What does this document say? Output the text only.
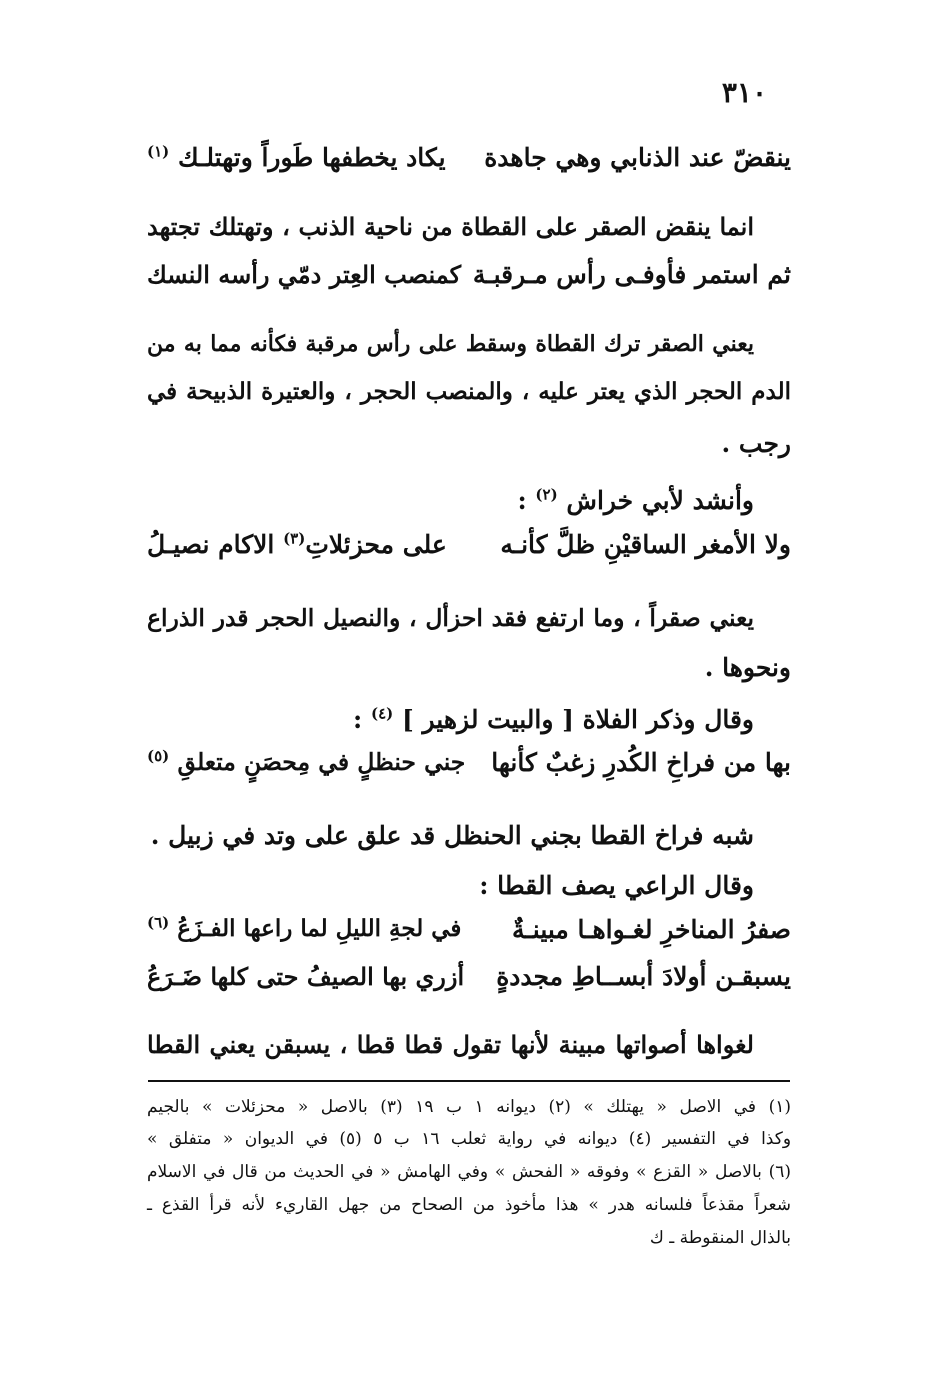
٣١٠
ينقضّ عند الذنابي وهي جاهدة
يكاد يخطفها طَوراً وتهتلـك $^{(١)}$
انما ينقض الصقر على القطاة من ناحية الذنب ، وتهتلك تجتهد
ثم استمر فأوفـى رأس مـرقبـة
كمنصب العِتر دمّي رأسه النسك
يعني الصقر ترك القطاة وسقط على رأس مرقبة فكأنه مما به من
الدم الحجر الذي يعتر عليه ، والمنصب الحجر ، والعتيرة الذبيحة في
رجب .
وأنشد لأبي خراش $^{(٢)}$ :
ولا الأمغر الساقيْنِ ظلَّ كأنـه
على محزئلاتِ$^{(٣)}$ الاكام نصيـلُ
يعني صقراً ، وما ارتفع فقد احزأل ، والنصيل الحجر قدر الذراع
ونحوها .
وقال وذكر الفلاة [ والبيت لزهير ] $^{(٤)}$ :
بها من فراخِ الكُدرِ زغبٌ كأنها
جني حنظلٍ في مِحصَنٍ متعلقِ $^{(٥)}$
شبه فراخ القطا بجني الحنظل قد علق على وتد في زبيل .
وقال الراعي يصف القطا :
صفرُ المناخرِ لغـواهـا مبينـةٌ
في لجةِ الليلِ لما راعها الفـزَعُ $^{(٦)}$
يسبقـن أولادَ أبســاطِ مجددةٍ
أزري بها الصيفُ حتى كلها ضَـرَعُ
لغواها أصواتها مبينة لأنها تقول قطا قطا ، يسبقن يعني القطا
(١) في الاصل « يهتلك » (٢) ديوانه ١ ب ١٩ (٣) بالاصل « محزئلات » بالجيم
وكذا في التفسير (٤) ديوانه في رواية ثعلب ١٦ ب ٥ (٥) في الديوان « متفلق »
(٦) بالاصل « القزع » وفوقه « الفحش » وفي الهامش « في الحديث من قال في الاسلام
شعراً مقذعاً فلسانه هدر » هذا مأخوذ من الصحاح من جهل القاريء لأنه قرأ القذع ـ
بالذال المنقوطة ـ ك
